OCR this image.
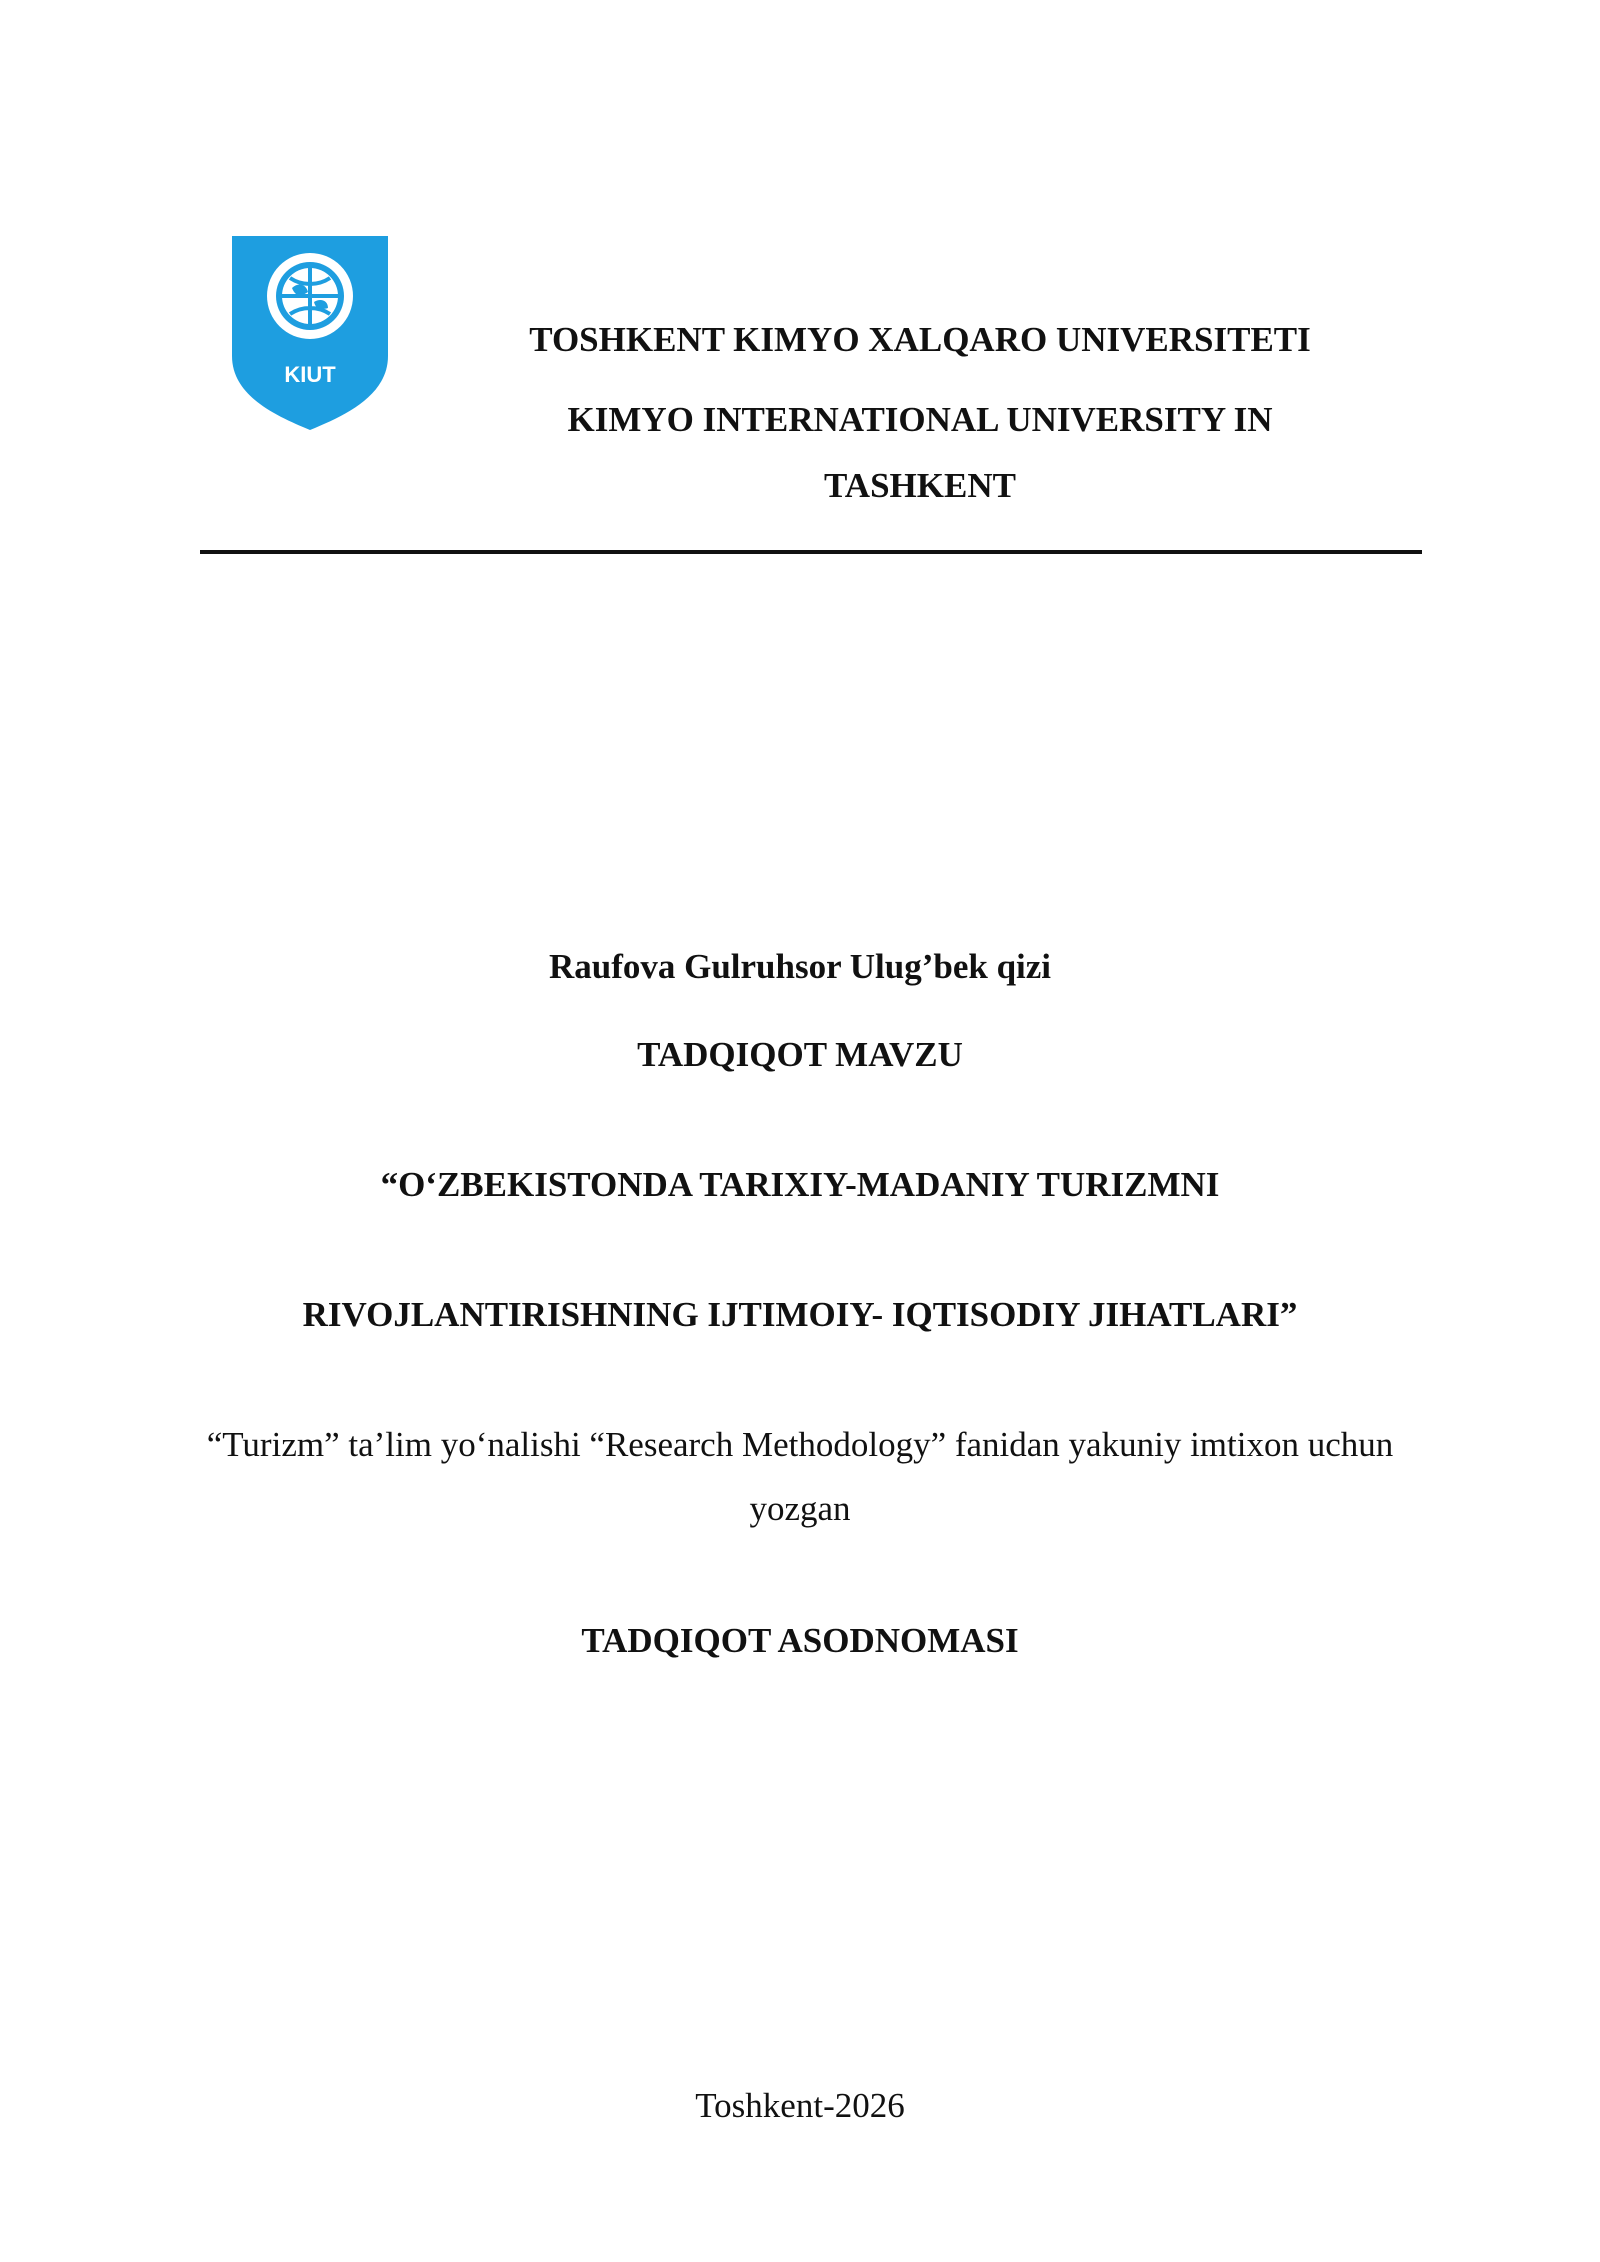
KIUT
TOSHKENT KIMYO XALQARO UNIVERSITETI
KIMYO INTERNATIONAL UNIVERSITY IN
TASHKENT
Raufova Gulruhsor Ulug’bek qizi
TADQIQOT MAVZU
“O‘ZBEKISTONDA TARIXIY-MADANIY TURIZMNI
RIVOJLANTIRISHNING IJTIMOIY- IQTISODIY JIHATLARI”
“Turizm” ta’lim yo‘nalishi “Research Methodology” fanidan yakuniy imtixon uchun
yozgan
TADQIQOT ASODNOMASI
Toshkent-2026
